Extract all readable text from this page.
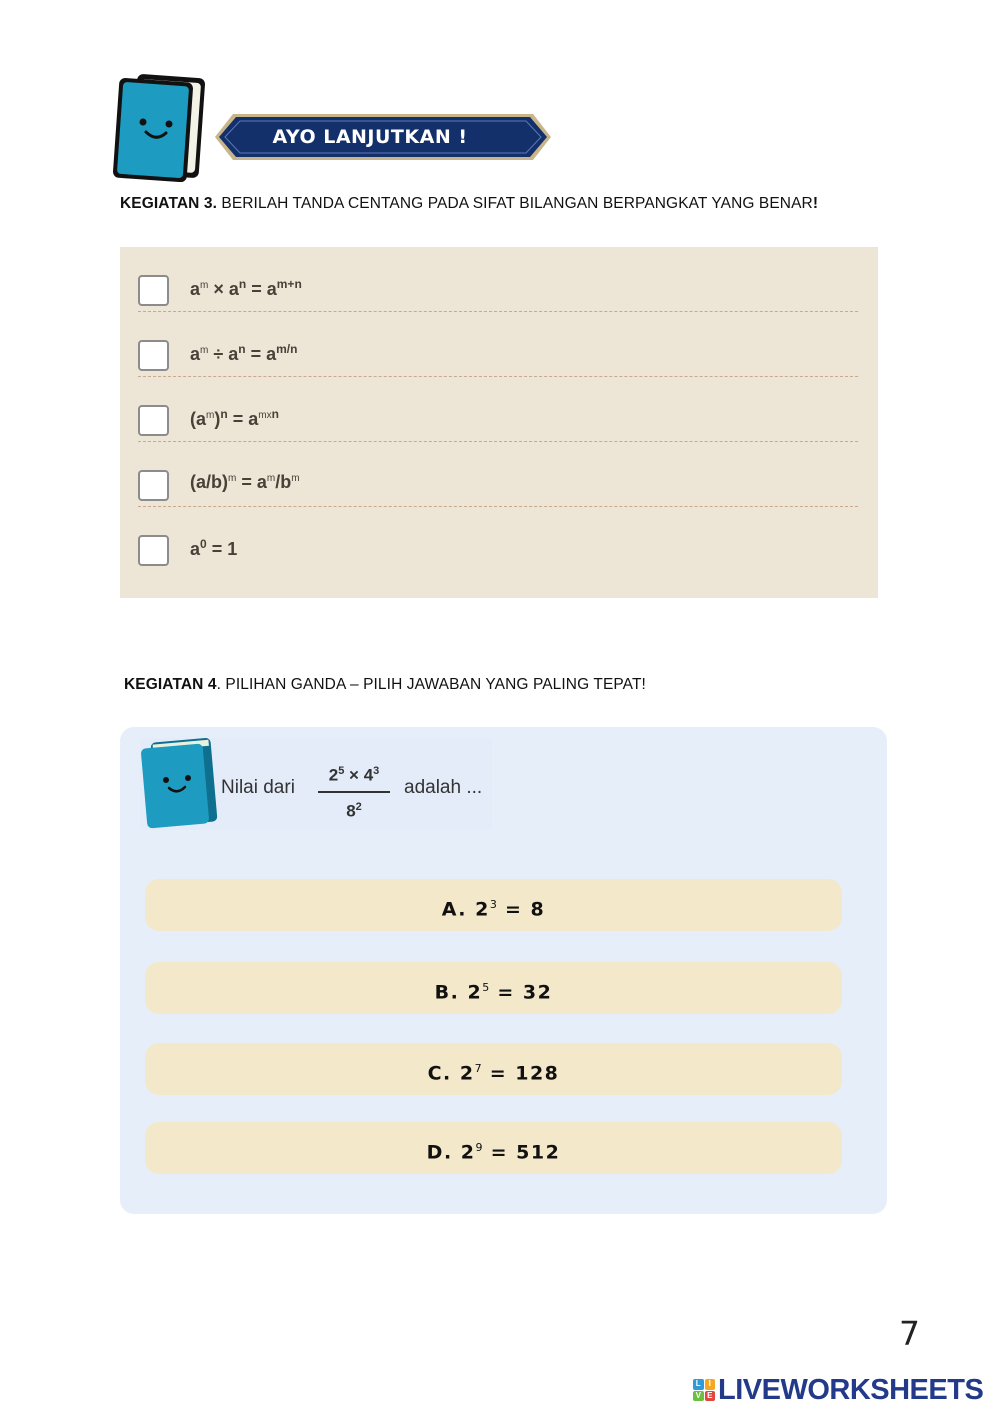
AYO LANJUTKAN !
KEGIATAN 3. BERILAH TANDA CENTANG PADA SIFAT BILANGAN BERPANGKAT YANG BENAR!
$a^m \times a^n = a^{m+n}$
$a^m \div a^n = a^{m/n}$
$(a^m)^n = a^{mxn}$
$(a/b)^m = a^m/b^m$
$a^0 = 1$
KEGIATAN 4. PILIHAN GANDA – PILIH JAWABAN YANG PALING TEPAT!
Nilai dari
$2^5 \times 4^3$
$8^2$
adalah ...
A. $2^3 = 8$
B. $2^5 = 32$
C. $2^7 = 128$
D. $2^9 = 512$
7
L I
V E LIVEWORKSHEETS
